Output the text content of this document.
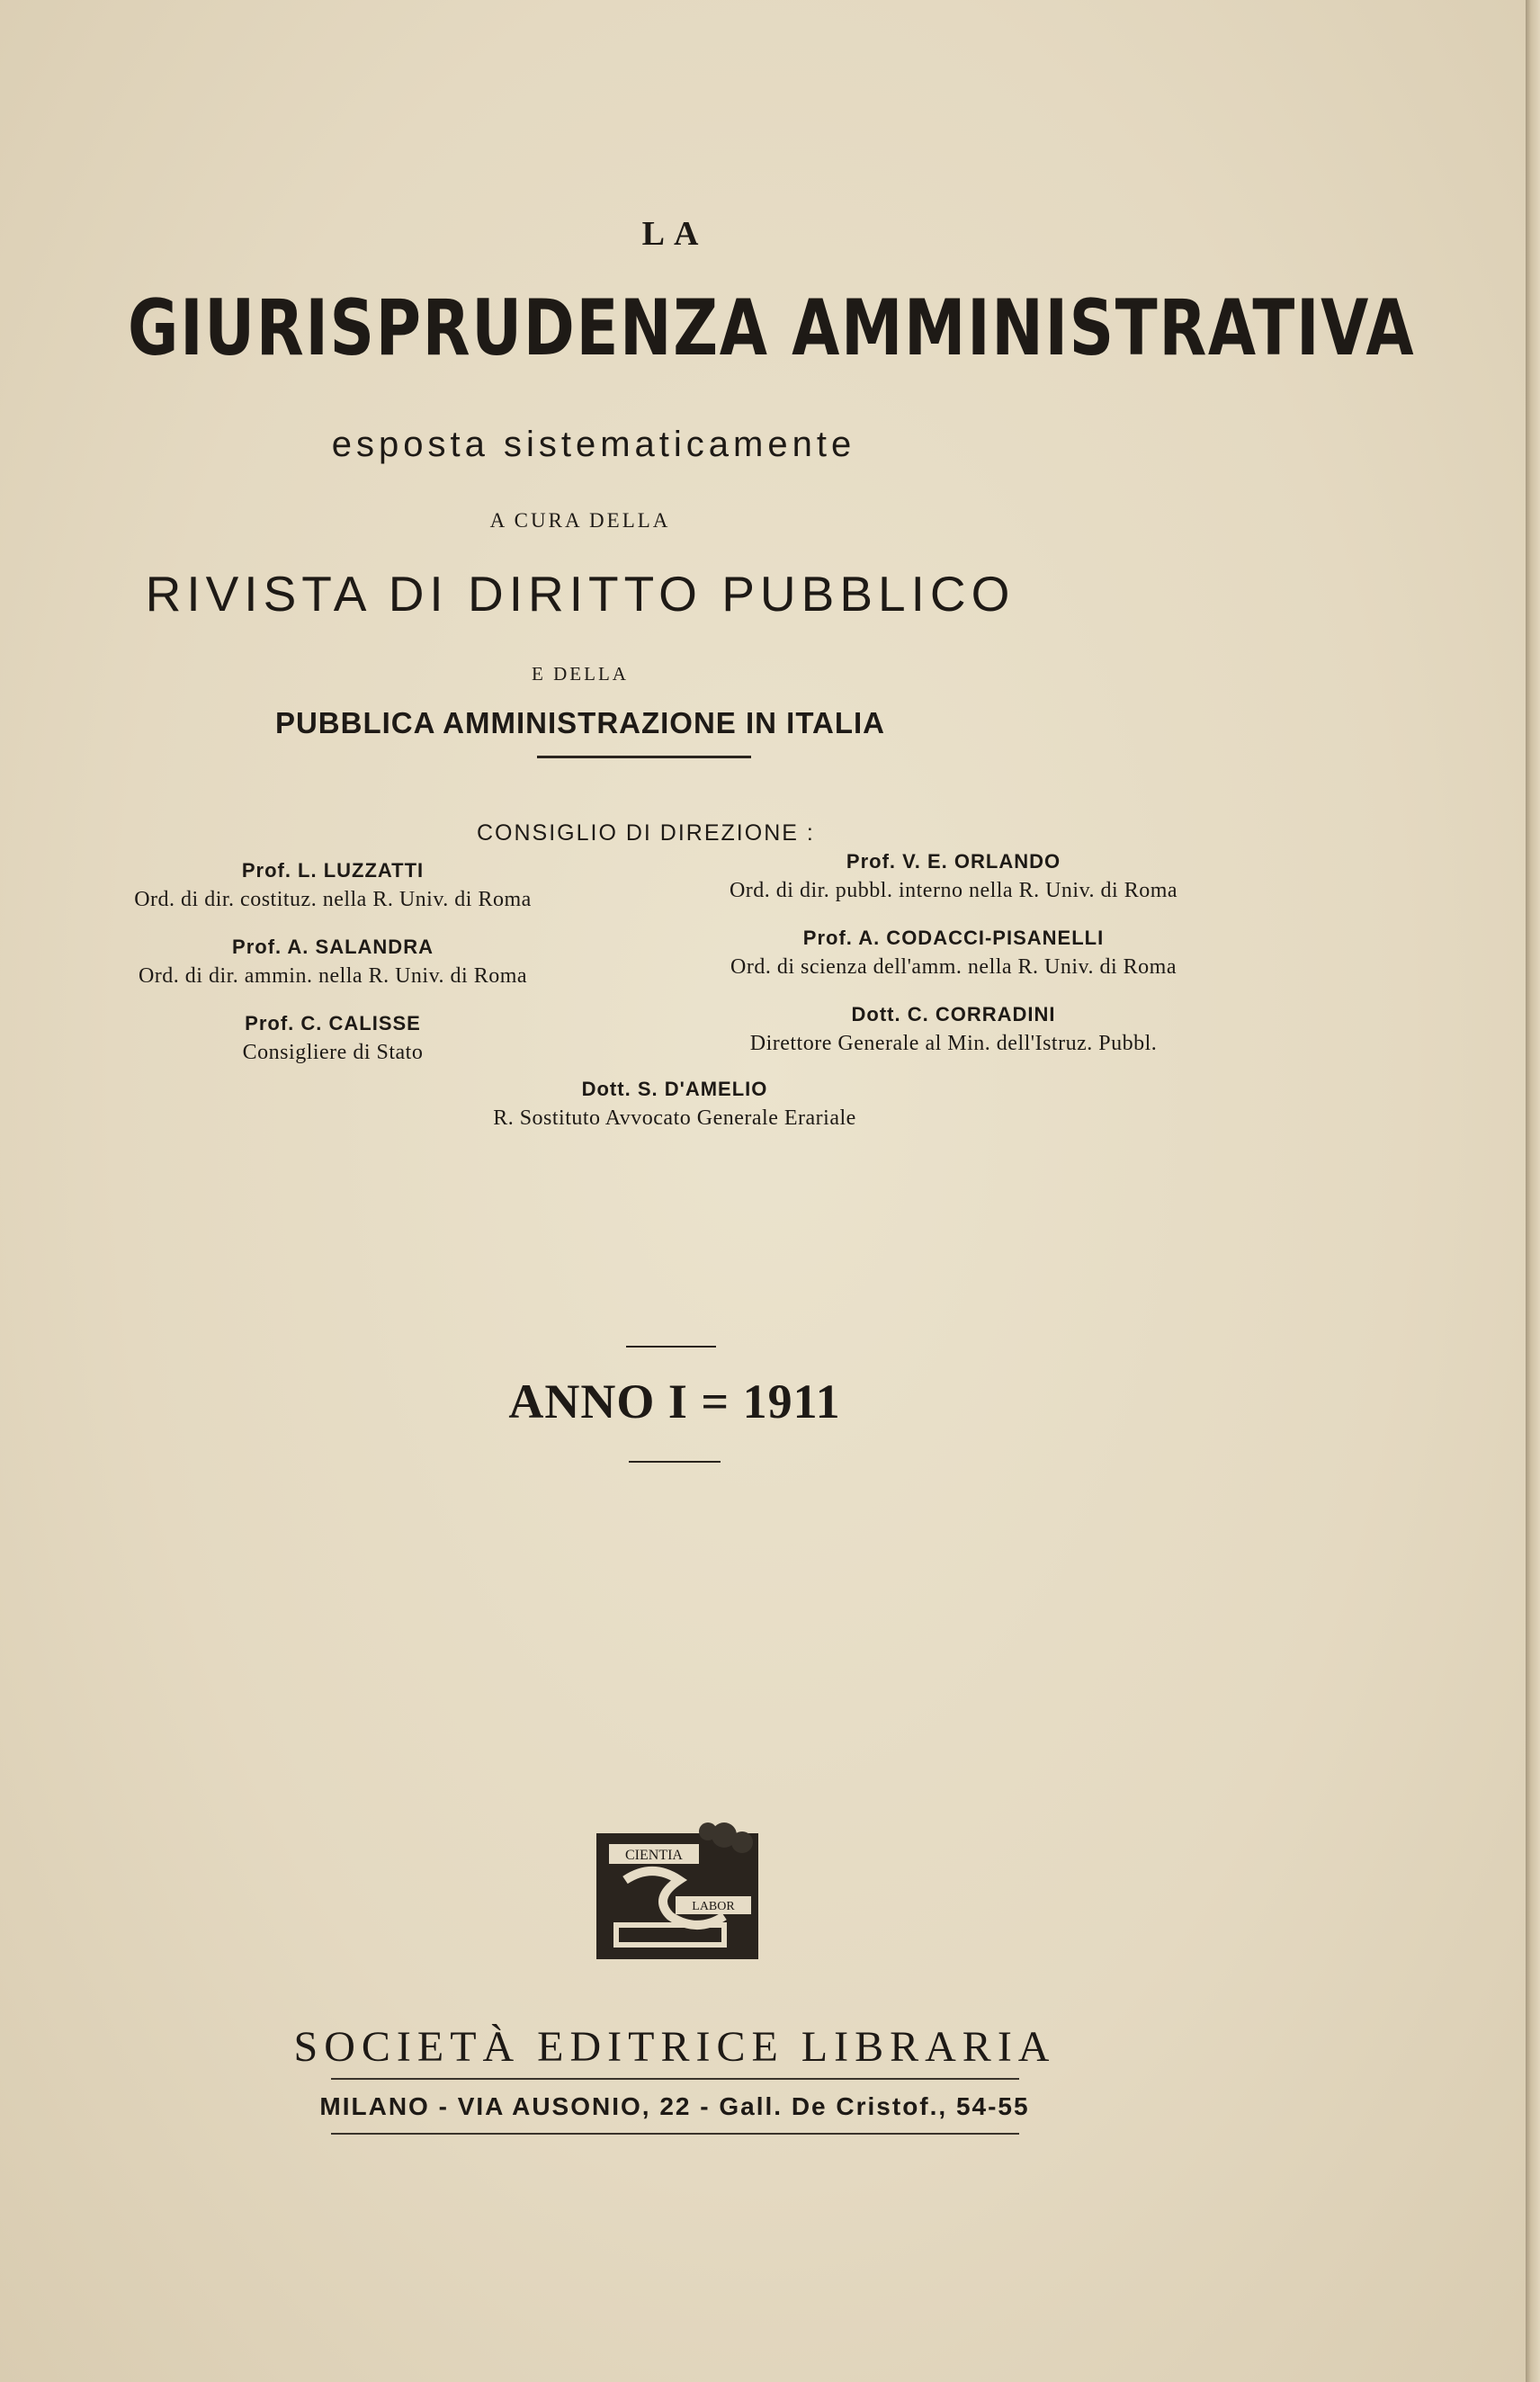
LA
GIURISPRUDENZA AMMINISTRATIVA
esposta sistematicamente
A CURA DELLA
RIVISTA DI DIRITTO PUBBLICO
E DELLA
PUBBLICA AMMINISTRAZIONE IN ITALIA
CONSIGLIO DI DIREZIONE :
Prof. L. LUZZATTI
Ord. di dir. costituz. nella R. Univ. di Roma
Prof. V. E. ORLANDO
Ord. di dir. pubbl. interno nella R. Univ. di Roma
Prof. A. SALANDRA
Ord. di dir. ammin. nella R. Univ. di Roma
Prof. A. CODACCI-PISANELLI
Ord. di scienza dell'amm. nella R. Univ. di Roma
Prof. C. CALISSE
Consigliere di Stato
Dott. C. CORRADINI
Direttore Generale al Min. dell'Istruz. Pubbl.
Dott. S. D'AMELIO
R. Sostituto Avvocato Generale Erariale
ANNO I = 1911
CIENTIA
LABOR
SOCIETÀ EDITRICE LIBRARIA
MILANO - VIA AUSONIO, 22 - Gall. De Cristof., 54-55
